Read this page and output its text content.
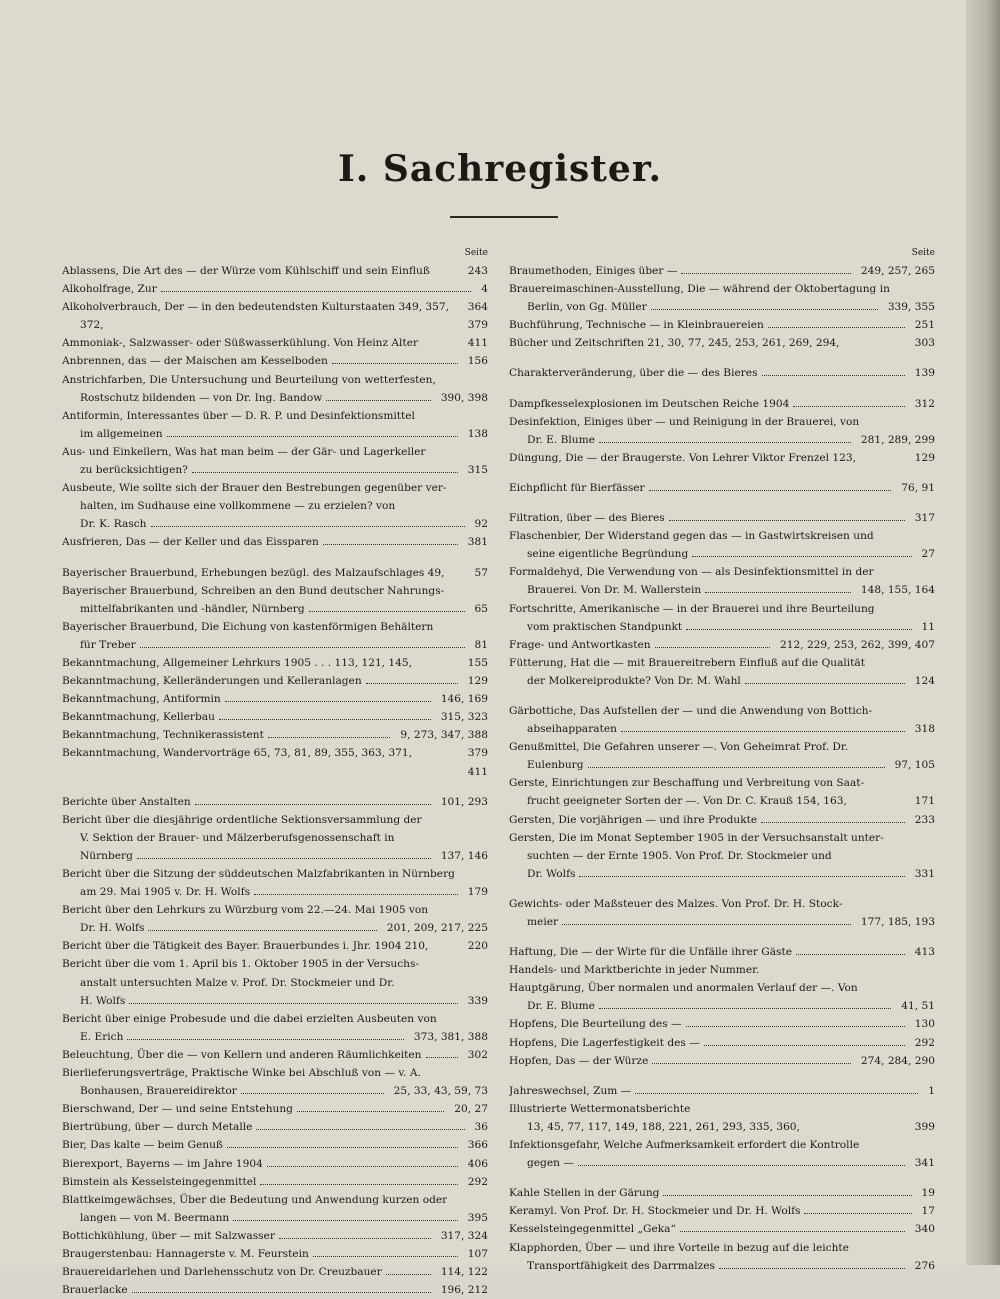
I. Sachregister.
Seite
Ablassens, Die Art des — der Würze vom Kühlschiff und sein Einfluß	243
Alkoholfrage, Zur	4
Alkoholverbrauch, Der — in den bedeutendsten Kulturstaaten 349, 357,	364
372,	379
Ammoniak-, Salzwasser- oder Süßwasserkühlung. Von Heinz Alter	411
Anbrennen, das — der Maischen am Kesselboden	156
Anstrichfarben, Die Untersuchung und Beurteilung von wetterfesten,
Rostschutz bildenden — von Dr. Ing. Bandow	390, 398
Antiformin, Interessantes über — D. R. P. und Desinfektionsmittel
im allgemeinen	138
Aus- und Einkellern, Was hat man beim — der Gär- und Lagerkeller
zu berücksichtigen?	315
Ausbeute, Wie sollte sich der Brauer den Bestrebungen gegenüber ver-
halten, im Sudhause eine vollkommene — zu erzielen? von
Dr. K. Rasch	92
Ausfrieren, Das — der Keller und das Eissparen	381
Bayerischer Brauerbund, Erhebungen bezügl. des Malzaufschlages 49,	57
Bayerischer Brauerbund, Schreiben an den Bund deutscher Nahrungs-
mittelfabrikanten und -händler, Nürnberg	65
Bayerischer Brauerbund, Die Eichung von kastenförmigen Behältern
für Treber	81
Bekanntmachung, Allgemeiner Lehrkurs 1905 . . . 113, 121, 145,	155
Bekanntmachung, Kelleränderungen und Kelleranlagen	129
Bekanntmachung, Antiformin	146, 169
Bekanntmachung, Kellerbau	315, 323
Bekanntmachung, Technikerassistent	9, 273, 347, 388
Bekanntmachung, Wandervorträge 65, 73, 81, 89, 355, 363, 371,	379
411
Berichte über Anstalten	101, 293
Bericht über die diesjährige ordentliche Sektionsversammlung der
V. Sektion der Brauer- und Mälzerberufsgenossenschaft in
Nürnberg	137, 146
Bericht über die Sitzung der süddeutschen Malzfabrikanten in Nürnberg
am 29. Mai 1905 v. Dr. H. Wolfs	179
Bericht über den Lehrkurs zu Würzburg vom 22.—24. Mai 1905 von
Dr. H. Wolfs	201, 209, 217, 225
Bericht über die Tätigkeit des Bayer. Brauerbundes i. Jhr. 1904 210,	220
Bericht über die vom 1. April bis 1. Oktober 1905 in der Versuchs-
anstalt untersuchten Malze v. Prof. Dr. Stockmeier und Dr.
H. Wolfs	339
Bericht über einige Probesude und die dabei erzielten Ausbeuten von
E. Erich	373, 381, 388
Beleuchtung, Über die — von Kellern und anderen Räumlichkeiten	302
Bierlieferungsverträge, Praktische Winke bei Abschluß von — v. A.
Bonhausen, Brauereidirektor	25, 33, 43, 59, 73
Bierschwand, Der — und seine Entstehung	20, 27
Biertrübung, über — durch Metalle	36
Bier, Das kalte — beim Genuß	366
Bierexport, Bayerns — im Jahre 1904	406
Bimstein als Kesselsteingegenmittel	292
Blattkeimgewächses, Über die Bedeutung und Anwendung kurzen oder
langen — von M. Beermann	395
Bottichkühlung, über — mit Salzwasser	317, 324
Braugerstenbau: Hannagerste v. M. Feurstein	107
Brauereidarlehen und Darlehensschutz von Dr. Creuzbauer	114, 122
Brauerlacke	196, 212
Seite
Braumethoden, Einiges über —	249, 257, 265
Brauereimaschinen-Ausstellung, Die — während der Oktobertagung in
Berlin, von Gg. Müller	339, 355
Buchführung, Technische — in Kleinbrauereien	251
Bücher und Zeitschriften 21, 30, 77, 245, 253, 261, 269, 294,	303
Charakterveränderung, über die — des Bieres	139
Dampfkesselexplosionen im Deutschen Reiche 1904	312
Desinfektion, Einiges über — und Reinigung in der Brauerei, von
Dr. E. Blume	281, 289, 299
Düngung, Die — der Braugerste. Von Lehrer Viktor Frenzel 123,	129
Eichpflicht für Bierfässer	76, 91
Filtration, über — des Bieres	317
Flaschenbier, Der Widerstand gegen das — in Gastwirtskreisen und
seine eigentliche Begründung	27
Formaldehyd, Die Verwendung von — als Desinfektionsmittel in der
Brauerei. Von Dr. M. Wallerstein	148, 155, 164
Fortschritte, Amerikanische — in der Brauerei und ihre Beurteilung
vom praktischen Standpunkt	11
Frage- und Antwortkasten	212, 229, 253, 262, 399, 407
Fütterung, Hat die — mit Brauereitrebern Einfluß auf die Qualität
der Molkereiprodukte? Von Dr. M. Wahl	124
Gärbottiche, Das Aufstellen der — und die Anwendung von Bottich-
abseihapparaten	318
Genußmittel, Die Gefahren unserer —. Von Geheimrat Prof. Dr.
Eulenburg	97, 105
Gerste, Einrichtungen zur Beschaffung und Verbreitung von Saat-
frucht geeigneter Sorten der —. Von Dr. C. Krauß 154, 163,	171
Gersten, Die vorjährigen — und ihre Produkte	233
Gersten, Die im Monat September 1905 in der Versuchsanstalt unter-
suchten — der Ernte 1905. Von Prof. Dr. Stockmeier und
Dr. Wolfs	331
Gewichts- oder Maßsteuer des Malzes. Von Prof. Dr. H. Stock-
meier	177, 185, 193
Haftung, Die — der Wirte für die Unfälle ihrer Gäste	413
Handels- und Marktberichte in jeder Nummer.
Hauptgärung, Über normalen und anormalen Verlauf der —. Von
Dr. E. Blume	41, 51
Hopfens, Die Beurteilung des —	130
Hopfens, Die Lagerfestigkeit des —	292
Hopfen, Das — der Würze	274, 284, 290
Jahreswechsel, Zum —	1
Illustrierte Wettermonatsberichte
13, 45, 77, 117, 149, 188, 221, 261, 293, 335, 360,	399
Infektionsgefahr, Welche Aufmerksamkeit erfordert die Kontrolle
gegen —	341
Kahle Stellen in der Gärung	19
Keramyl. Von Prof. Dr. H. Stockmeier und Dr. H. Wolfs	17
Kesselsteingegenmittel „Geka“	340
Klapphorden, Über — und ihre Vorteile in bezug auf die leichte
Transportfähigkeit des Darrmalzes	276
